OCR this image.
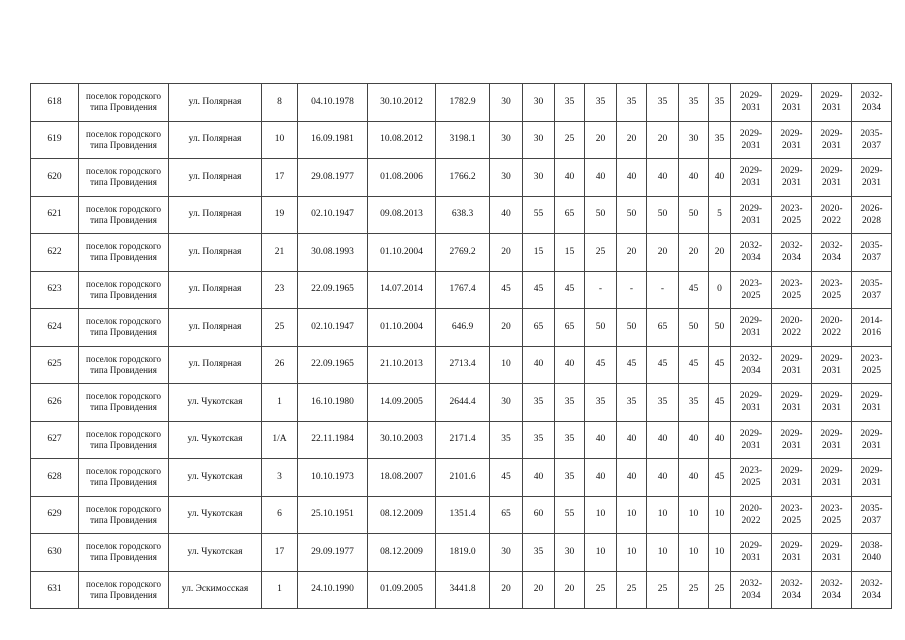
618	поселок городского типа Провидения	ул. Полярная	8	04.10.1978	30.10.2012	1782.9	30	30	35	35	35	35	35	35	2029-2031	2029-2031	2029-2031	2032-2034
619	поселок городского типа Провидения	ул. Полярная	10	16.09.1981	10.08.2012	3198.1	30	30	25	20	20	20	30	35	2029-2031	2029-2031	2029-2031	2035-2037
620	поселок городского типа Провидения	ул. Полярная	17	29.08.1977	01.08.2006	1766.2	30	30	40	40	40	40	40	40	2029-2031	2029-2031	2029-2031	2029-2031
621	поселок городского типа Провидения	ул. Полярная	19	02.10.1947	09.08.2013	638.3	40	55	65	50	50	50	50	5	2029-2031	2023-2025	2020-2022	2026-2028
622	поселок городского типа Провидения	ул. Полярная	21	30.08.1993	01.10.2004	2769.2	20	15	15	25	20	20	20	20	2032-2034	2032-2034	2032-2034	2035-2037
623	поселок городского типа Провидения	ул. Полярная	23	22.09.1965	14.07.2014	1767.4	45	45	45	-	-	-	45	0	2023-2025	2023-2025	2023-2025	2035-2037
624	поселок городского типа Провидения	ул. Полярная	25	02.10.1947	01.10.2004	646.9	20	65	65	50	50	65	50	50	2029-2031	2020-2022	2020-2022	2014-2016
625	поселок городского типа Провидения	ул. Полярная	26	22.09.1965	21.10.2013	2713.4	10	40	40	45	45	45	45	45	2032-2034	2029-2031	2029-2031	2023-2025
626	поселок городского типа Провидения	ул. Чукотская	1	16.10.1980	14.09.2005	2644.4	30	35	35	35	35	35	35	45	2029-2031	2029-2031	2029-2031	2029-2031
627	поселок городского типа Провидения	ул. Чукотская	1/А	22.11.1984	30.10.2003	2171.4	35	35	35	40	40	40	40	40	2029-2031	2029-2031	2029-2031	2029-2031
628	поселок городского типа Провидения	ул. Чукотская	3	10.10.1973	18.08.2007	2101.6	45	40	35	40	40	40	40	45	2023-2025	2029-2031	2029-2031	2029-2031
629	поселок городского типа Провидения	ул. Чукотская	6	25.10.1951	08.12.2009	1351.4	65	60	55	10	10	10	10	10	2020-2022	2023-2025	2023-2025	2035-2037
630	поселок городского типа Провидения	ул. Чукотская	17	29.09.1977	08.12.2009	1819.0	30	35	30	10	10	10	10	10	2029-2031	2029-2031	2029-2031	2038-2040
631	поселок городского типа Провидения	ул. Эскимосская	1	24.10.1990	01.09.2005	3441.8	20	20	20	25	25	25	25	25	2032-2034	2032-2034	2032-2034	2032-2034
